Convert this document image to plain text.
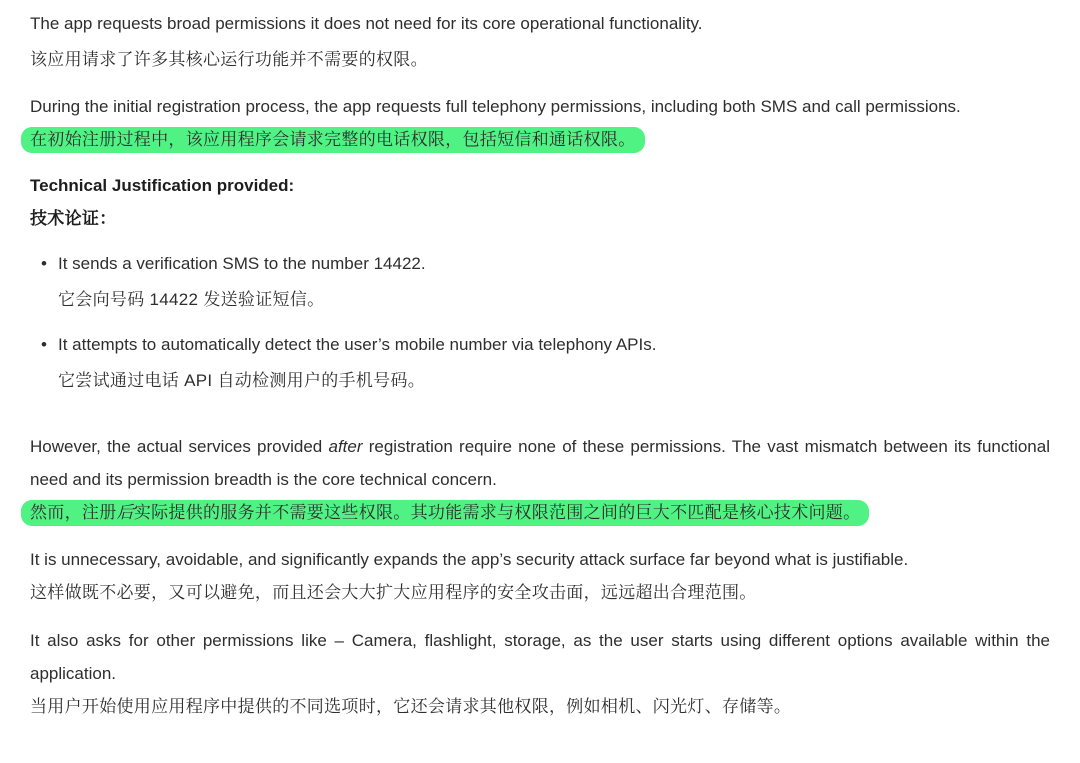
The app requests broad permissions it does not need for its core operational functionality.

该应用请求了许多其核心运行功能并不需要的权限。

During the initial registration process, the app requests full telephony permissions, including both SMS and call permissions.

在初始注册过程中，该应用程序会请求完整的电话权限，包括短信和通话权限。

Technical Justification provided:

技术论证：

• It sends a verification SMS to the number 14422.

它会向号码 14422 发送验证短信。

• It attempts to automatically detect the user’s mobile number via telephony APIs.

它尝试通过电话 API 自动检测用户的手机号码。

However, the actual services provided after registration require none of these permissions. The vast mismatch between its functional need and its permission breadth is the core technical concern.

然而，注册后实际提供的服务并不需要这些权限。其功能需求与权限范围之间的巨大不匹配是核心技术问题。

It is unnecessary, avoidable, and significantly expands the app’s security attack surface far beyond what is justifiable.

这样做既不必要，又可以避免，而且还会大大扩大应用程序的安全攻击面，远远超出合理范围。

It also asks for other permissions like – Camera, flashlight, storage, as the user starts using different options available within the application.

当用户开始使用应用程序中提供的不同选项时，它还会请求其他权限，例如相机、闪光灯、存储等。
